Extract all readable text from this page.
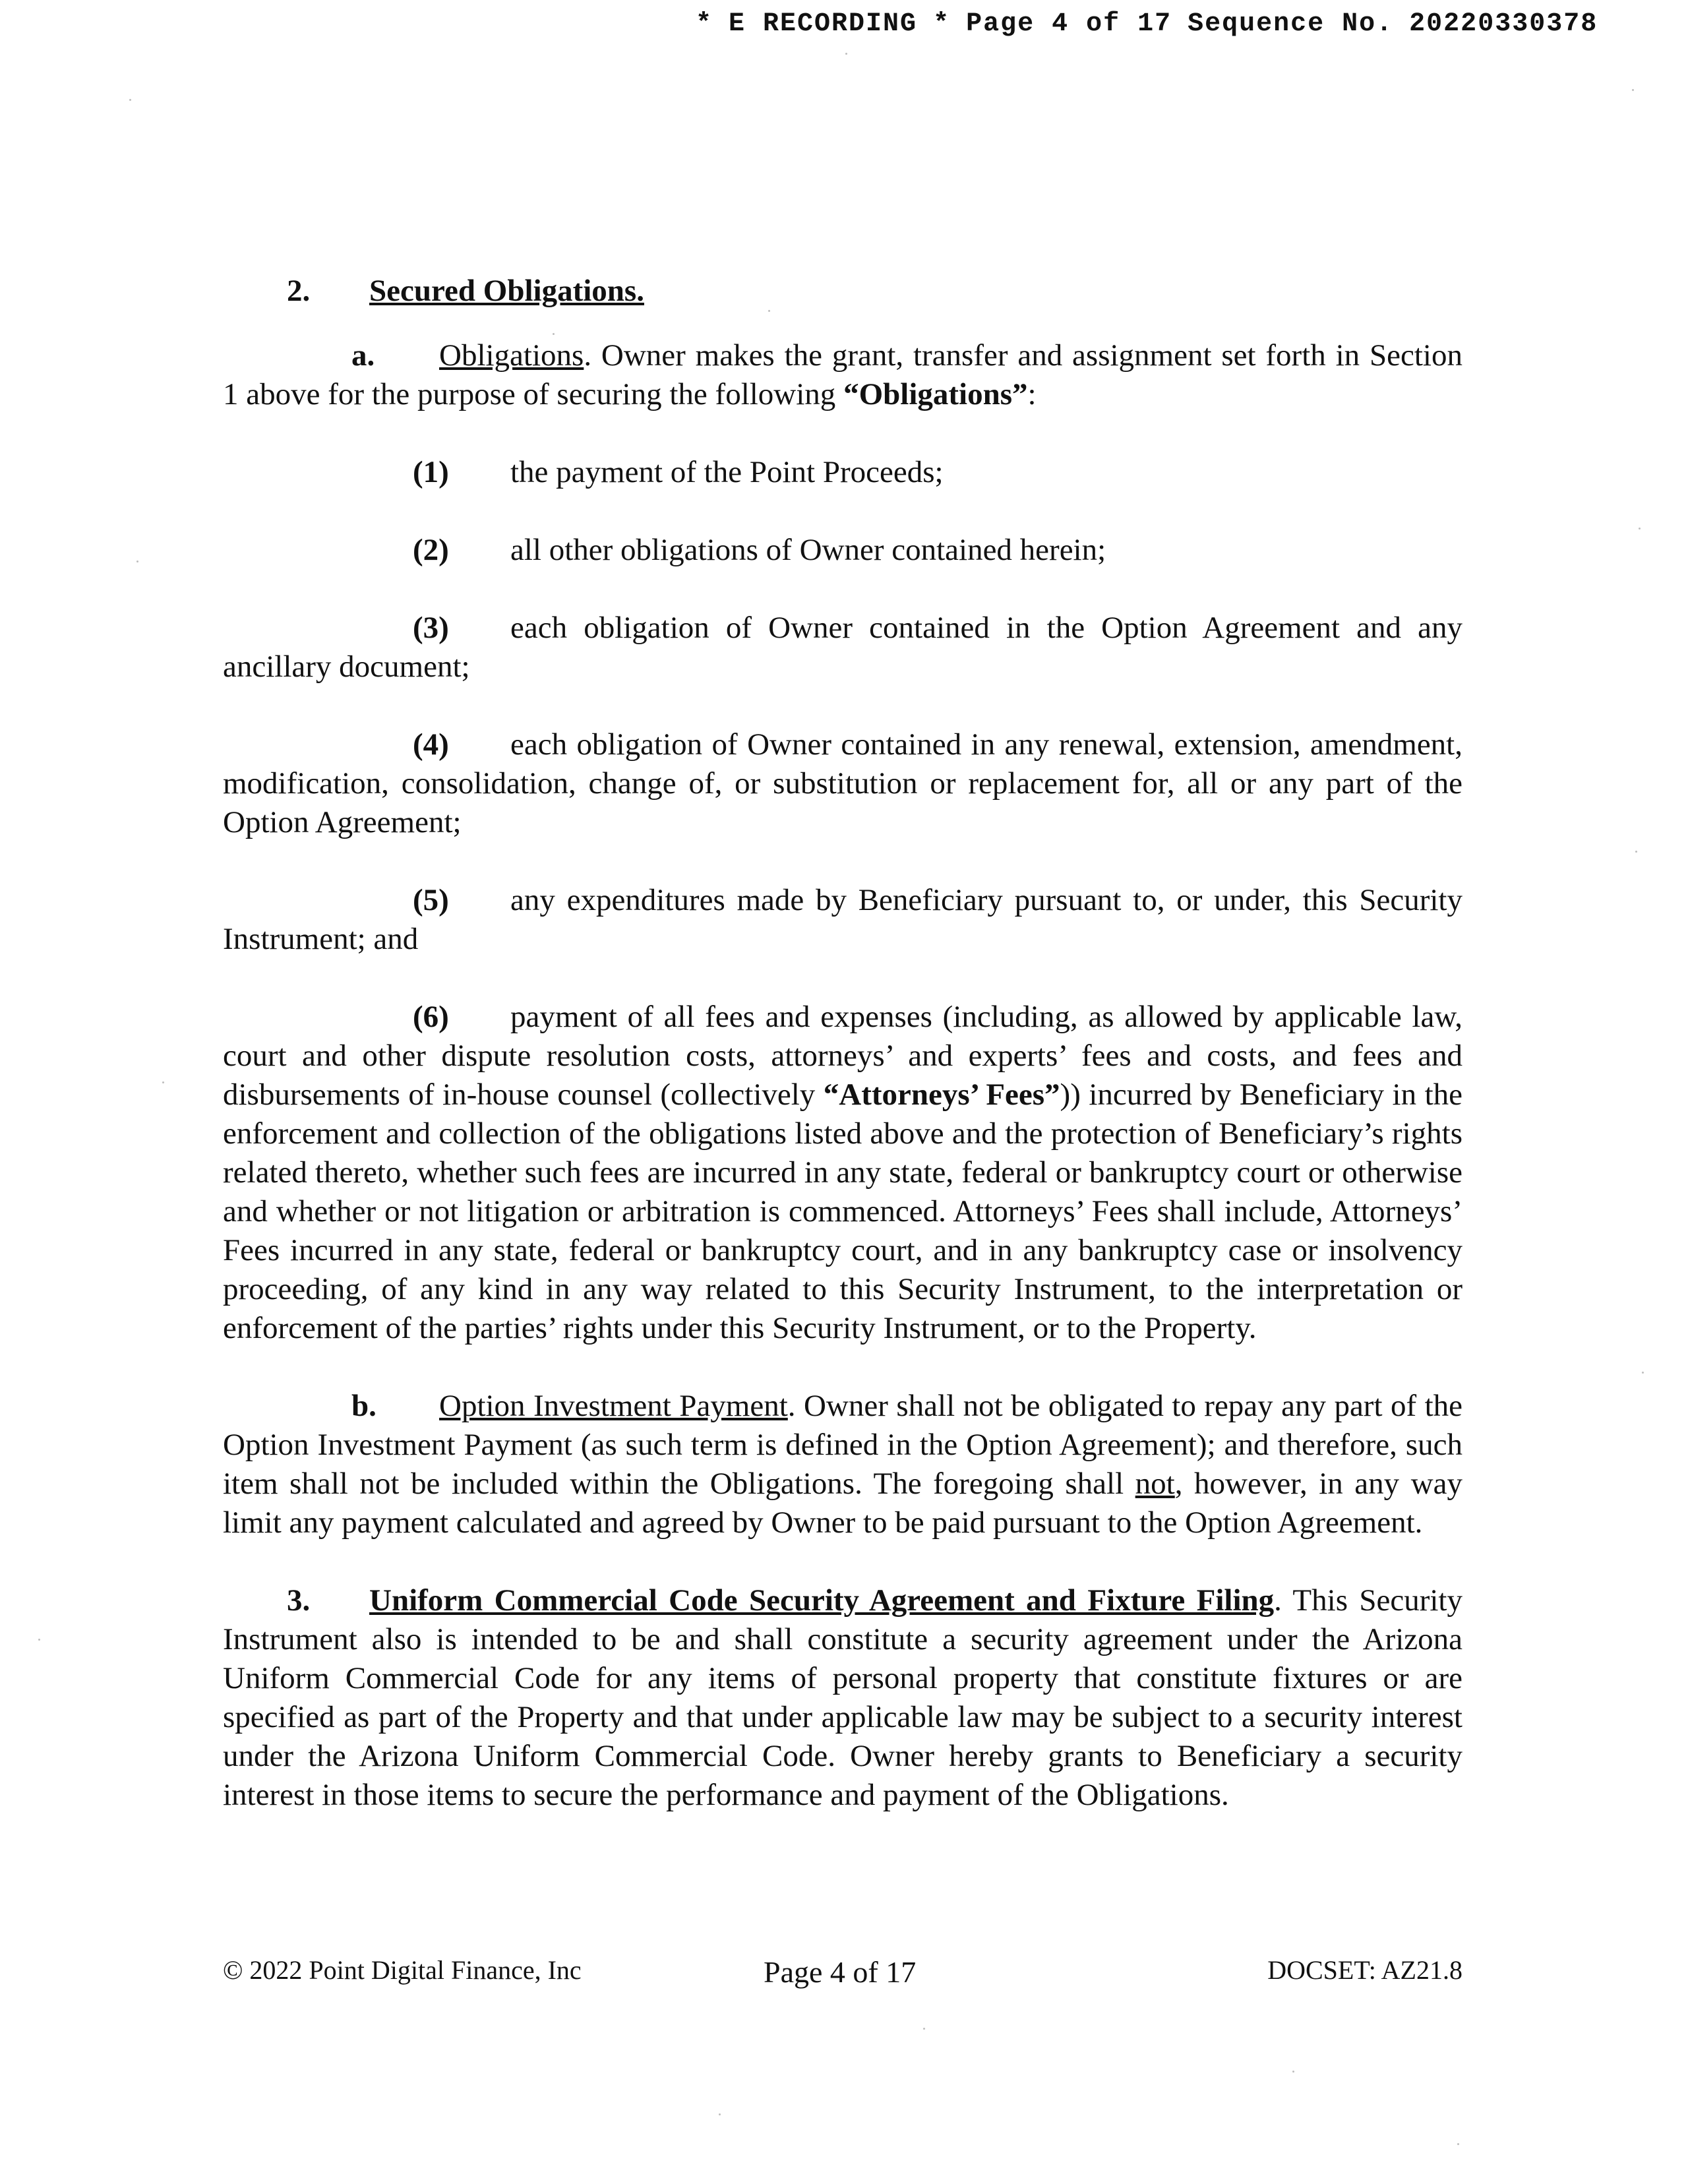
* E RECORDING * Page 4 of 17 Sequence No. 20220330378

2. Secured Obligations.

a. Obligations. Owner makes the grant, transfer and assignment set forth in Section 1 above for the purpose of securing the following “Obligations”:

(1) the payment of the Point Proceeds;

(2) all other obligations of Owner contained herein;

(3) each obligation of Owner contained in the Option Agreement and any ancillary document;

(4) each obligation of Owner contained in any renewal, extension, amendment, modification, consolidation, change of, or substitution or replacement for, all or any part of the Option Agreement;

(5) any expenditures made by Beneficiary pursuant to, or under, this Security Instrument; and

(6) payment of all fees and expenses (including, as allowed by applicable law, court and other dispute resolution costs, attorneys’ and experts’ fees and costs, and fees and disbursements of in-house counsel (collectively “Attorneys’ Fees”)) incurred by Beneficiary in the enforcement and collection of the obligations listed above and the protection of Beneficiary’s rights related thereto, whether such fees are incurred in any state, federal or bankruptcy court or otherwise and whether or not litigation or arbitration is commenced. Attorneys’ Fees shall include, Attorneys’ Fees incurred in any state, federal or bankruptcy court, and in any bankruptcy case or insolvency proceeding, of any kind in any way related to this Security Instrument, to the interpretation or enforcement of the parties’ rights under this Security Instrument, or to the Property.

b. Option Investment Payment. Owner shall not be obligated to repay any part of the Option Investment Payment (as such term is defined in the Option Agreement); and therefore, such item shall not be included within the Obligations. The foregoing shall not, however, in any way limit any payment calculated and agreed by Owner to be paid pursuant to the Option Agreement.

3. Uniform Commercial Code Security Agreement and Fixture Filing. This Security Instrument also is intended to be and shall constitute a security agreement under the Arizona Uniform Commercial Code for any items of personal property that constitute fixtures or are specified as part of the Property and that under applicable law may be subject to a security interest under the Arizona Uniform Commercial Code. Owner hereby grants to Beneficiary a security interest in those items to secure the performance and payment of the Obligations.

© 2022 Point Digital Finance, Inc	Page 4 of 17	DOCSET: AZ21.8
